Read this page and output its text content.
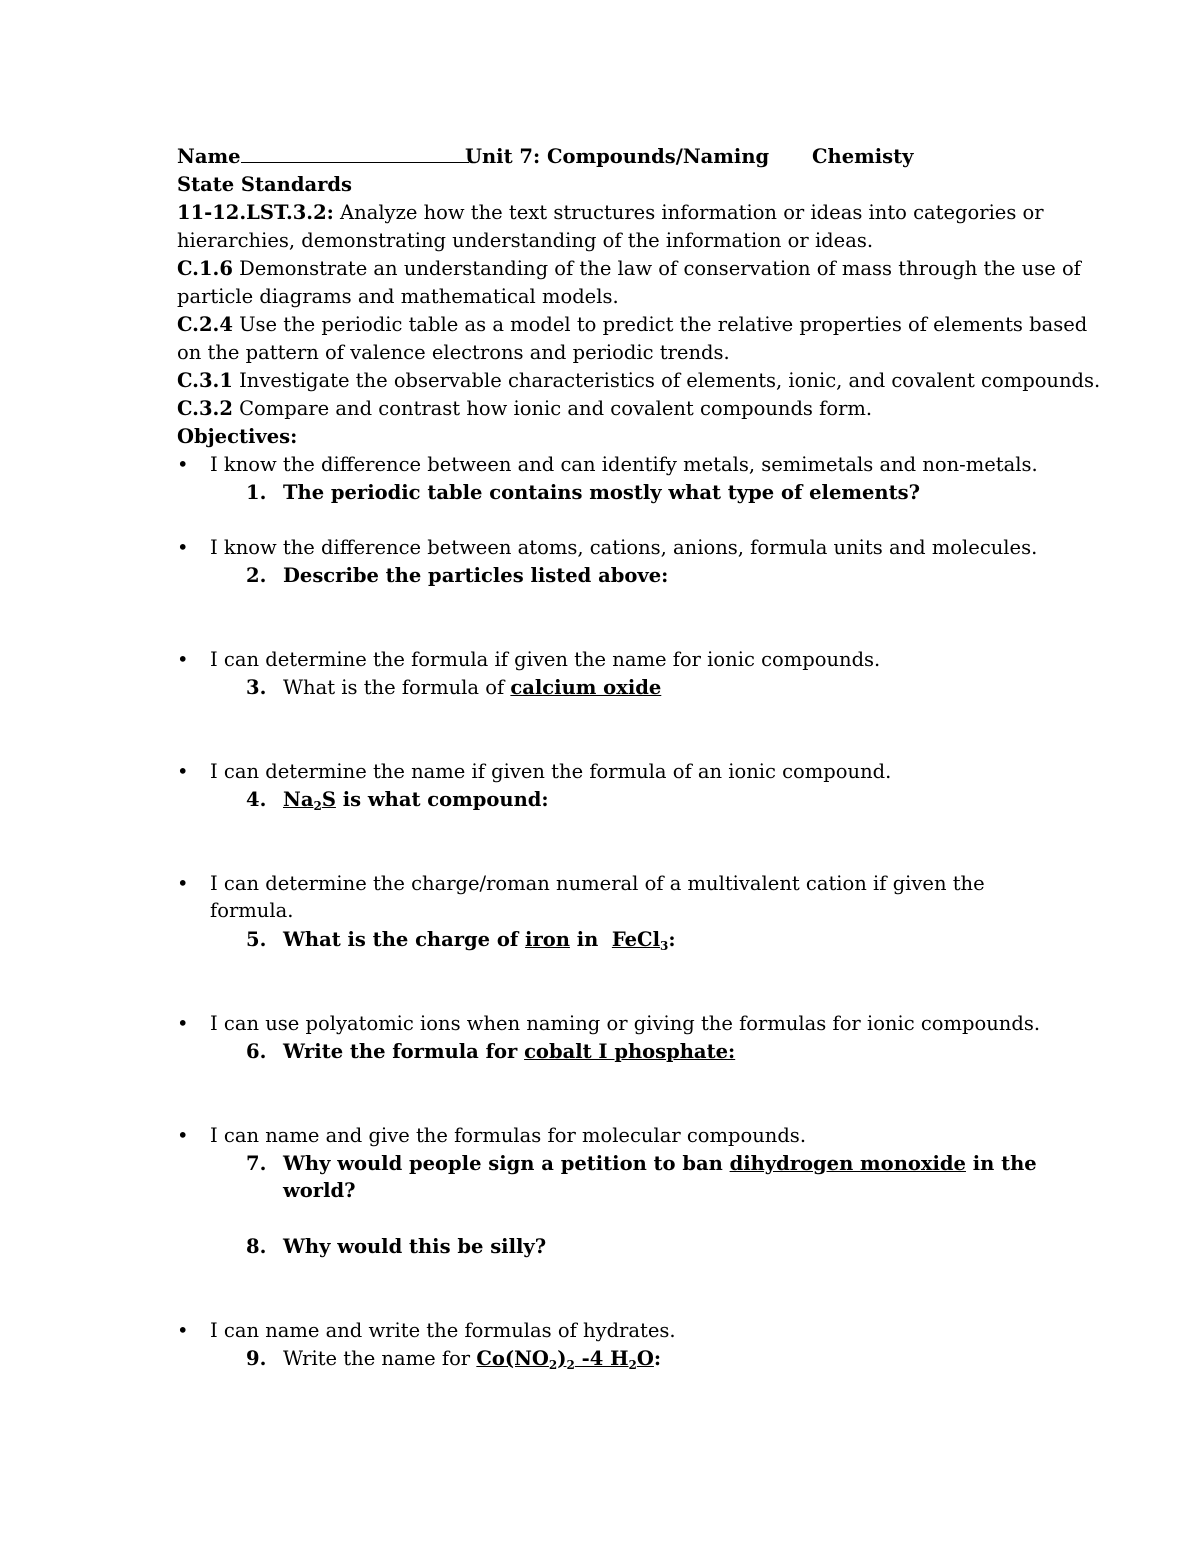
Name	Unit 7: Compounds/Naming Chemisty
State Standards
11-12.LST.3.2: Analyze how the text structures information or ideas into categories or
hierarchies, demonstrating understanding of the information or ideas.
C.1.6 Demonstrate an understanding of the law of conservation of mass through the use of
particle diagrams and mathematical models.
C.2.4 Use the periodic table as a model to predict the relative properties of elements based
on the pattern of valence electrons and periodic trends.
C.3.1 Investigate the observable characteristics of elements, ionic, and covalent compounds.
C.3.2 Compare and contrast how ionic and covalent compounds form.
Objectives:
• I know the difference between and can identify metals, semimetals and non-metals.
1. The periodic table contains mostly what type of elements?
• I know the difference between atoms, cations, anions, formula units and molecules.
2. Describe the particles listed above:
• I can determine the formula if given the name for ionic compounds.
3. What is the formula of calcium oxide
• I can determine the name if given the formula of an ionic compound.
4. $Na_2S$ is what compound:
• I can determine the charge/roman numeral of a multivalent cation if given the
formula.
5. What is the charge of iron in  FeCl$_3$:
• I can use polyatomic ions when naming or giving the formulas for ionic compounds.
6. Write the formula for cobalt I phosphate:
• I can name and give the formulas for molecular compounds.
7. Why would people sign a petition to ban dihydrogen monoxide in the
world?
8. Why would this be silly?
• I can name and write the formulas of hydrates.
9. Write the name for $Co(NO_2)_2$ -4 $H_2O$:
